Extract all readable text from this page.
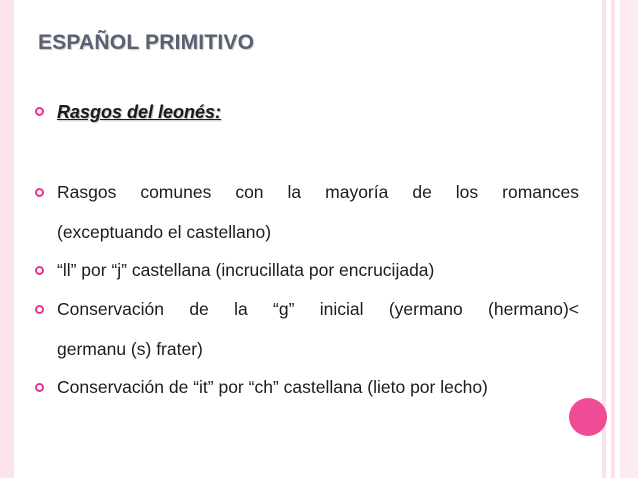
ESPAÑOL PRIMITIVO
Rasgos del leonés:
Rasgos comunes con la mayoría de los romances
(exceptuando el castellano)
“ll” por “j” castellana (incrucillata por encrucijada)
Conservación de la “g” inicial (yermano (hermano)<
germanu (s) frater)
Conservación de “it” por “ch” castellana (lieto por lecho)
